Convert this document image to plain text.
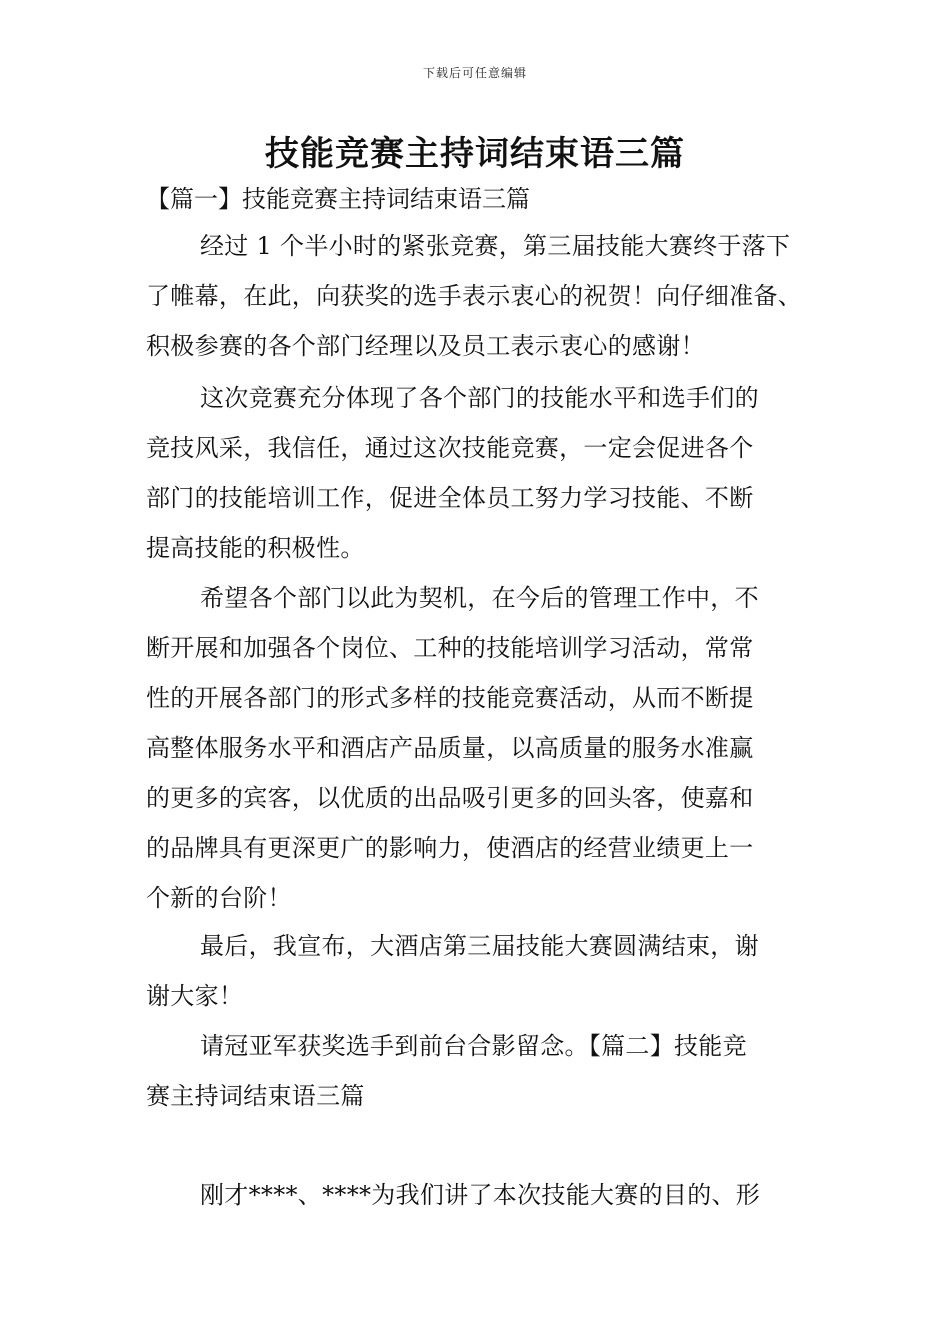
下载后可任意编辑
技能竞赛主持词结束语三篇
【篇一】技能竞赛主持词结束语三篇
经过 1 个半小时的紧张竞赛，第三届技能大赛终于落下
了帷幕，在此，向获奖的选手表示衷心的祝贺！向仔细准备、
积极参赛的各个部门经理以及员工表示衷心的感谢！
这次竞赛充分体现了各个部门的技能水平和选手们的
竞技风采，我信任，通过这次技能竞赛，一定会促进各个
部门的技能培训工作，促进全体员工努力学习技能、不断
提高技能的积极性。
希望各个部门以此为契机，在今后的管理工作中，不
断开展和加强各个岗位、工种的技能培训学习活动，常常
性的开展各部门的形式多样的技能竞赛活动，从而不断提
高整体服务水平和酒店产品质量，以高质量的服务水准赢
的更多的宾客，以优质的出品吸引更多的回头客，使嘉和
的品牌具有更深更广的影响力，使酒店的经营业绩更上一
个新的台阶！
最后，我宣布，大酒店第三届技能大赛圆满结束，谢
谢大家！
请冠亚军获奖选手到前台合影留念。【篇二】技能竞
赛主持词结束语三篇
刚才****、****为我们讲了本次技能大赛的目的、形
